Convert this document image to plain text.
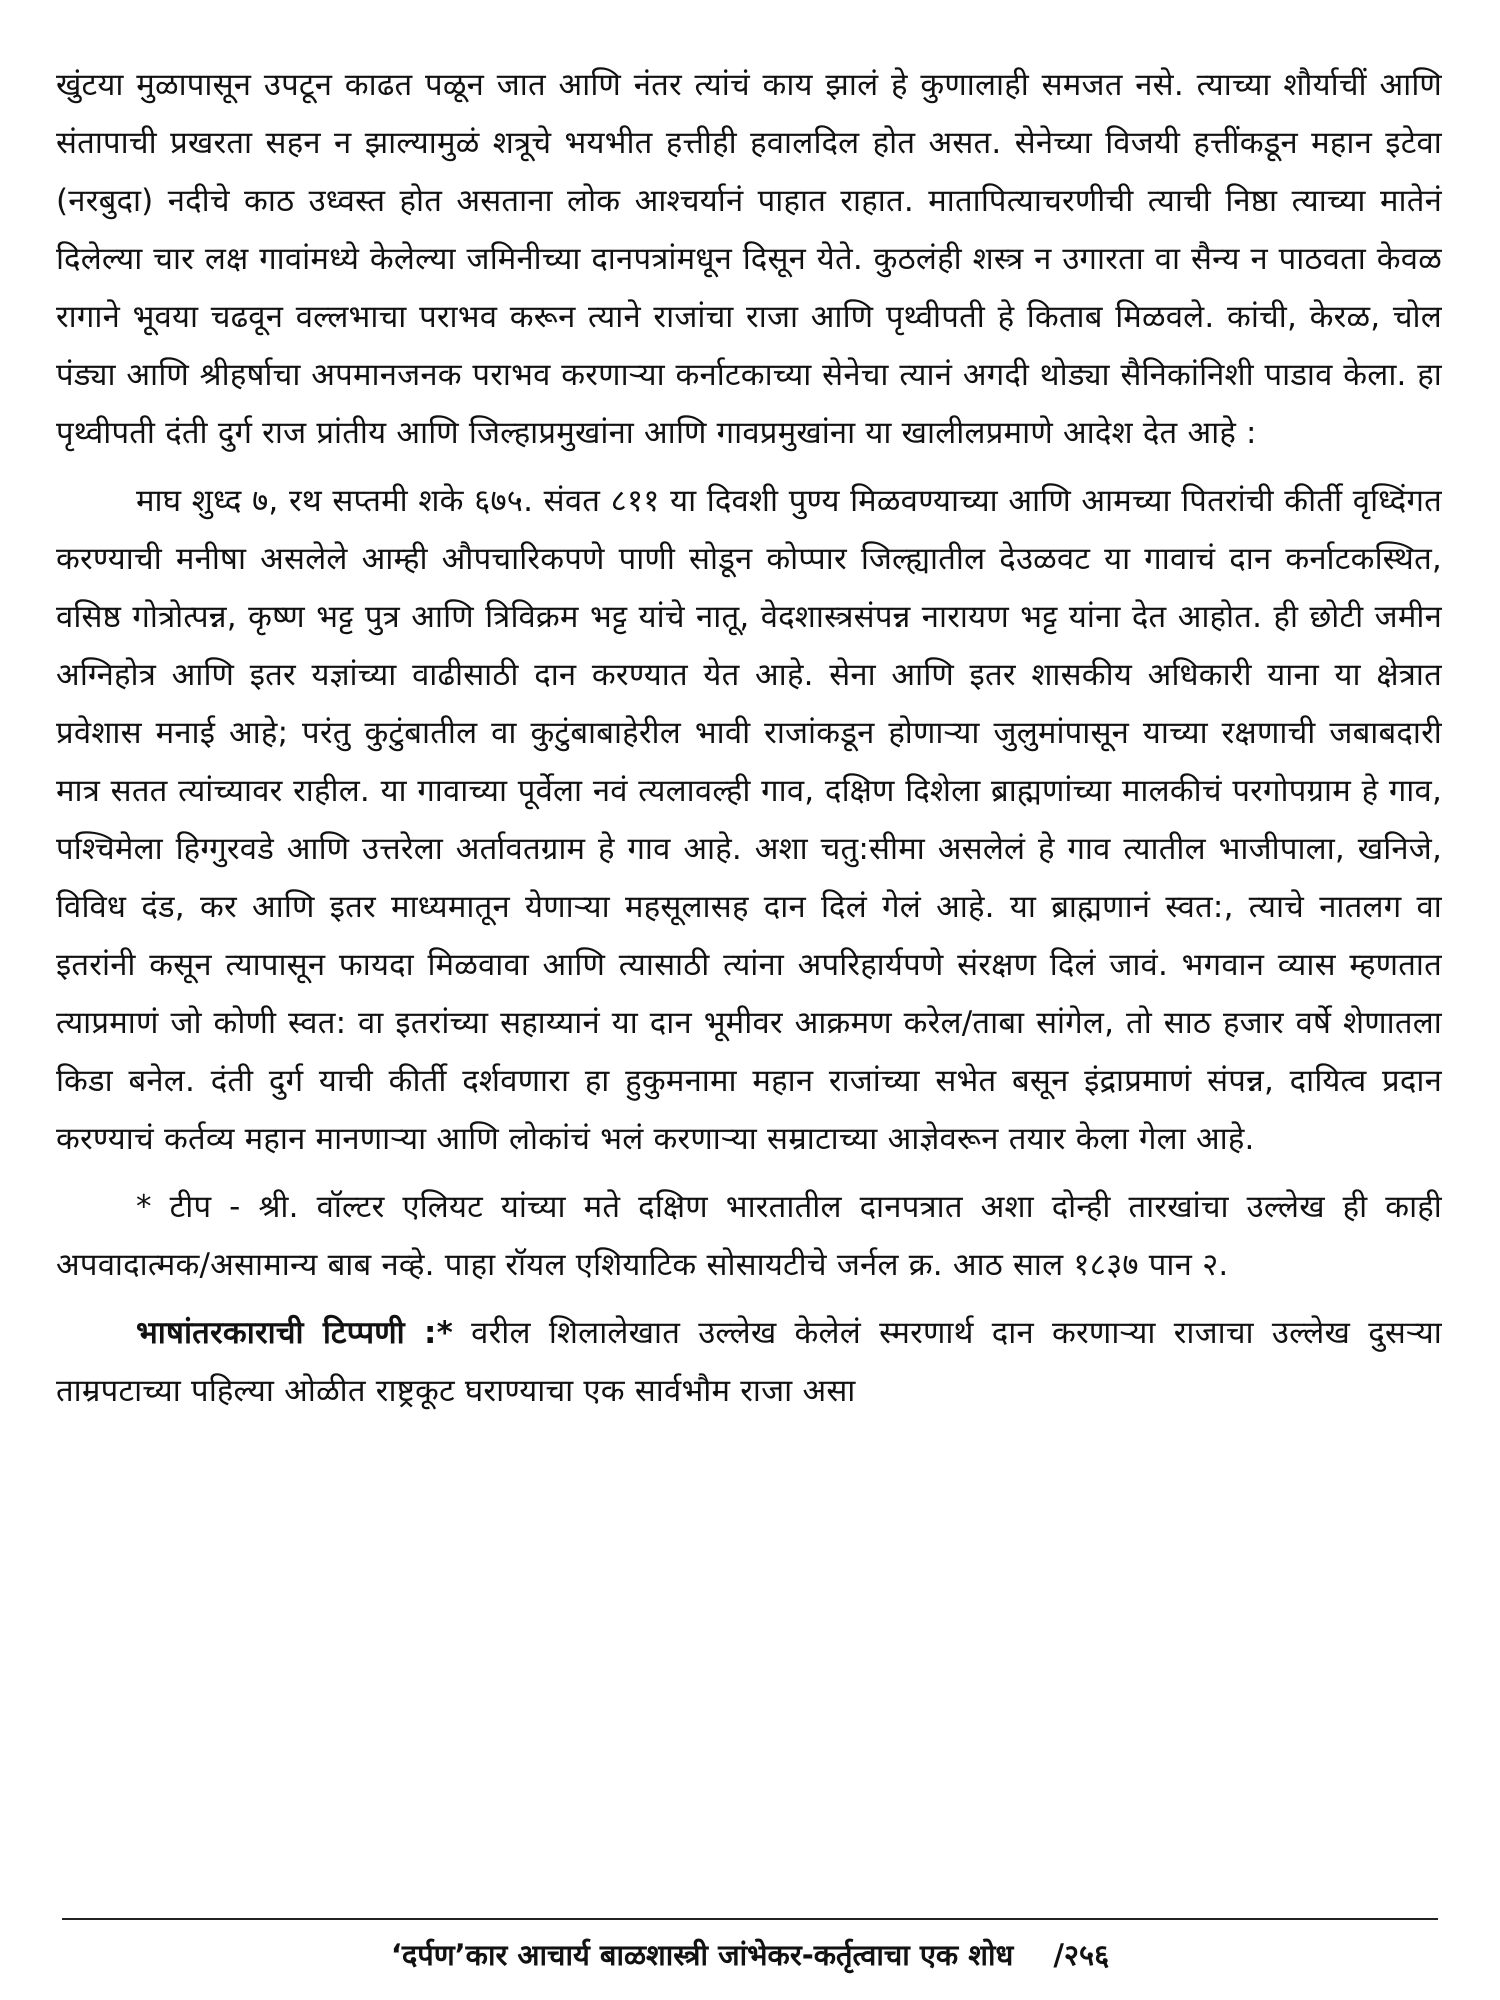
खुंटया मुळापासून उपटून काढत पळून जात आणि नंतर त्यांचं काय झालं हे कुणालाही समजत नसे. त्याच्या शौर्याचीं आणि संतापाची प्रखरता सहन न झाल्यामुळं शत्रूचे भयभीत हत्तीही हवालदिल होत असत. सेनेच्या विजयी हत्तींकडून महान इटेवा (नरबुदा) नदीचे काठ उध्वस्त होत असताना लोक आश्चर्यानं पाहात राहात. मातापित्याचरणीची त्याची निष्ठा त्याच्या मातेनं दिलेल्या चार लक्ष गावांमध्ये केलेल्या जमिनीच्या दानपत्रांमधून दिसून येते. कुठलंही शस्त्र न उगारता वा सैन्य न पाठवता केवळ रागाने भूवया चढवून वल्लभाचा पराभव करून त्याने राजांचा राजा आणि पृथ्वीपती हे किताब मिळवले. कांची, केरळ, चोल पंड्या आणि श्रीहर्षाचा अपमानजनक पराभव करणाऱ्या कर्नाटकाच्या सेनेचा त्यानं अगदी थोड्या सैनिकांनिशी पाडाव केला. हा पृथ्वीपती दंती दुर्ग राज प्रांतीय आणि जिल्हाप्रमुखांना आणि गावप्रमुखांना या खालीलप्रमाणे आदेश देत आहे :

माघ शुध्द ७, रथ सप्तमी शके ६७५. संवत ८११ या दिवशी पुण्य मिळवण्याच्या आणि आमच्या पितरांची कीर्ती वृध्दिंगत करण्याची मनीषा असलेले आम्ही औपचारिकपणे पाणी सोडून कोप्पार जिल्ह्यातील देउळवट या गावाचं दान कर्नाटकस्थित, वसिष्ठ गोत्रोत्पन्न, कृष्ण भट्ट पुत्र आणि त्रिविक्रम भट्ट यांचे नातू, वेदशास्त्रसंपन्न नारायण भट्ट यांना देत आहोत. ही छोटी जमीन अग्निहोत्र आणि इतर यज्ञांच्या वाढीसाठी दान करण्यात येत आहे. सेना आणि इतर शासकीय अधिकारी याना या क्षेत्रात प्रवेशास मनाई आहे; परंतु कुटुंबातील वा कुटुंबाबाहेरील भावी राजांकडून होणाऱ्या जुलुमांपासून याच्या रक्षणाची जबाबदारी मात्र सतत त्यांच्यावर राहील. या गावाच्या पूर्वेला नवं त्यलावल्ही गाव, दक्षिण दिशेला ब्राह्मणांच्या मालकीचं परगोपग्राम हे गाव, पश्चिमेला हिग्गुरवडे आणि उत्तरेला अर्तावतग्राम हे गाव आहे. अशा चतु:सीमा असलेलं हे गाव त्यातील भाजीपाला, खनिजे, विविध दंड, कर आणि इतर माध्यमातून येणाऱ्या महसूलासह दान दिलं गेलं आहे. या ब्राह्मणानं स्वत:, त्याचे नातलग वा इतरांनी कसून त्यापासून फायदा मिळवावा आणि त्यासाठी त्यांना अपरिहार्यपणे संरक्षण दिलं जावं. भगवान व्यास म्हणतात त्याप्रमाणं जो कोणी स्वत: वा इतरांच्या सहाय्यानं या दान भूमीवर आक्रमण करेल/ताबा सांगेल, तो साठ हजार वर्षे शेणातला किडा बनेल. दंती दुर्ग याची कीर्ती दर्शवणारा हा हुकुमनामा महान राजांच्या सभेत बसून इंद्राप्रमाणं संपन्न, दायित्व प्रदान करण्याचं कर्तव्य महान मानणाऱ्या आणि लोकांचं भलं करणाऱ्या सम्राटाच्या आज्ञेवरून तयार केला गेला आहे.

* टीप - श्री. वॉल्टर एलियट यांच्या मते दक्षिण भारतातील दानपत्रात अशा दोन्ही तारखांचा उल्लेख ही काही अपवादात्मक/असामान्य बाब नव्हे. पाहा रॉयल एशियाटिक सोसायटीचे जर्नल क्र. आठ साल १८३७ पान २.

भाषांतरकाराची टिप्पणी :* वरील शिलालेखात उल्लेख केलेलं स्मरणार्थ दान करणाऱ्या राजाचा उल्लेख दुसऱ्या ताम्रपटाच्या पहिल्या ओळीत राष्ट्रकूट घराण्याचा एक सार्वभौम राजा असा

‘दर्पण’कार आचार्य बाळशास्त्री जांभेकर-कर्तृत्वाचा एक शोध /२५६
